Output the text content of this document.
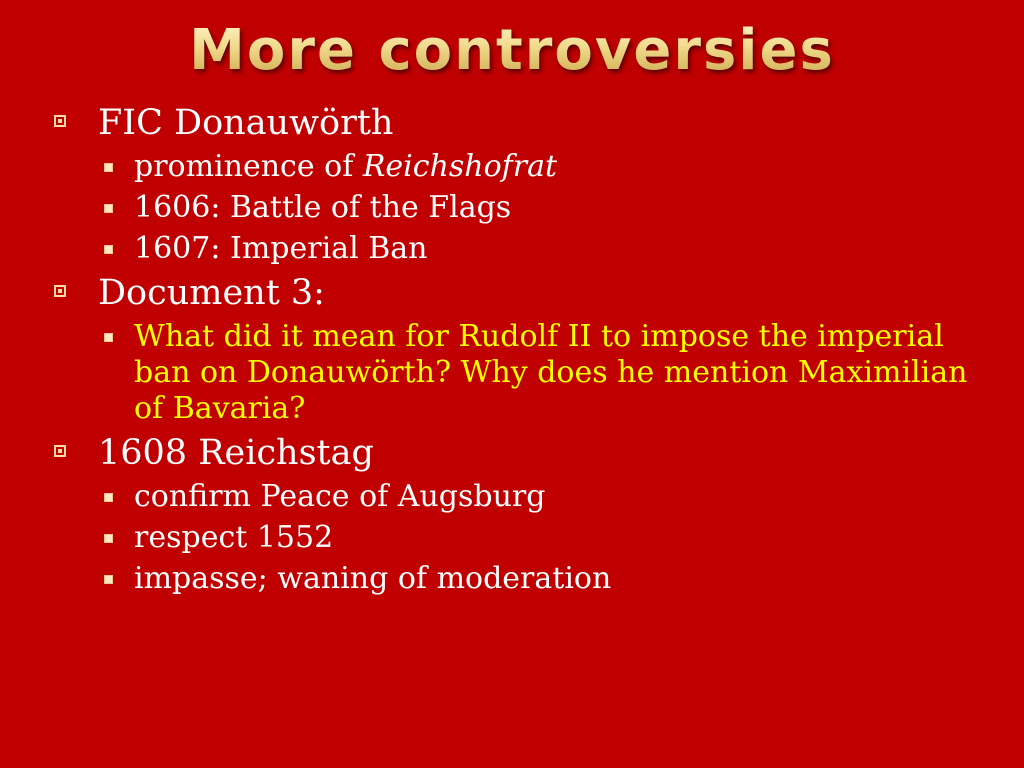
More controversies
FIC Donauwörth
prominence of Reichshofrat
1606: Battle of the Flags
1607: Imperial Ban
Document 3:
What did it mean for Rudolf II to impose the imperial ban on Donauwörth? Why does he mention Maximilian of Bavaria?
1608 Reichstag
confirm Peace of Augsburg
respect 1552
impasse; waning of moderation
